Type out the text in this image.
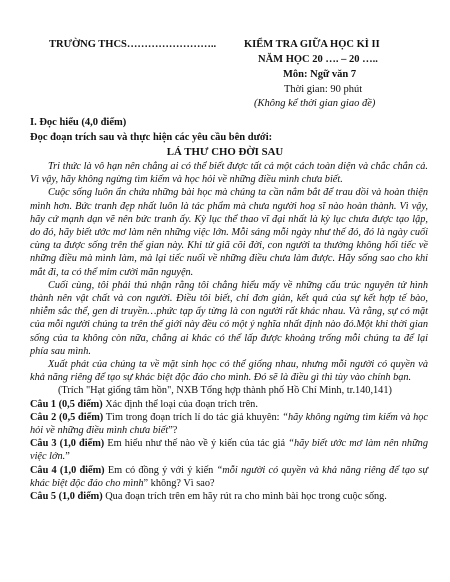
TRƯỜNG THCS……………………..	KIỂM TRA GIỮA HỌC KÌ II
NĂM HỌC 20 …. – 20 …..
Môn: Ngữ văn 7
Thời gian: 90 phút
(Không kể thời gian giao đề)
I. Đọc hiểu (4,0 điểm)
Đọc đoạn trích sau và thực hiện các yêu cầu bên dưới:
LÁ THƯ CHO ĐỜI SAU

Tri thức là vô hạn nên chẳng ai có thể biết được tất cả một cách toàn diện và chắc chắn cả. Vì vậy, hãy không ngừng tìm kiếm và học hỏi về những điều mình chưa biết.

Cuộc sống luôn ẩn chứa những bài học mà chúng ta cần nắm bắt để trau dồi và hoàn thiện mình hơn. Bức tranh đẹp nhất luôn là tác phẩm mà chưa người hoạ sĩ nào hoàn thành. Vì vậy, hãy cứ mạnh dạn vẽ nên bức tranh ấy. Kỳ lục thể thao vĩ đại nhất là kỳ lục chưa được tạo lập, do đó, hãy biết ước mơ làm nên những việc lớn. Mỗi sáng mỗi ngày như thế đó, đó là ngày cuối cùng ta được sống trên thế gian này. Khi từ giã cõi đời, con người ta thường không hối tiếc về những điều mà mình làm, mà lại tiếc nuối về những điều chưa làm được. Hãy sống sao cho khi mắt đi, ta có thể mỉm cười mãn nguyện.

Cuối cùng, tôi phải thú nhận rằng tôi chẳng hiểu mấy về những cấu trúc nguyên tử hình thành nên vật chất và con người. Điều tôi biết, chỉ đơn giản, kết quả của sự kết hợp tế bào, nhiễm sắc thể, gen di truyền…phức tạp ấy từng là con người rất khác nhau. Và rằng, sự có mặt của mỗi người chúng ta trên thế giới này đều có một ý nghĩa nhất định nào đó.Một khi thời gian sống của ta không còn nữa, chẳng ai khác có thể lấp được khoảng trống mỗi chúng ta để lại phía sau mình.

Xuất phát của chúng ta về mặt sinh học có thể giống nhau, nhưng mỗi người có quyền và khả năng riêng để tạo sự khác biệt độc đáo cho mình. Đó sẽ là điều gì thì tùy vào chính bạn.

(Trích "Hạt giống tâm hồn", NXB Tổng hợp thành phố Hồ Chí Minh, tr.140,141)

Câu 1 (0,5 điểm) Xác định thể loại của đoạn trích trên.

Câu 2 (0,5 điểm) Tìm trong đoạn trích lí do tác giả khuyên: “hãy không ngừng tìm kiếm và học hỏi về những điều mình chưa biết”?

Câu 3 (1,0 điểm) Em hiểu như thế nào về ý kiến của tác giả “hãy biết ước mơ làm nên những việc lớn.”

Câu 4 (1,0 điểm) Em có đồng ý với ý kiến “mỗi người có quyền và khả năng riêng để tạo sự khác biệt độc đáo cho mình” không? Vì sao?

Câu 5 (1,0 điểm) Qua đoạn trích trên em hãy rút ra cho mình bài học trong cuộc sống.
